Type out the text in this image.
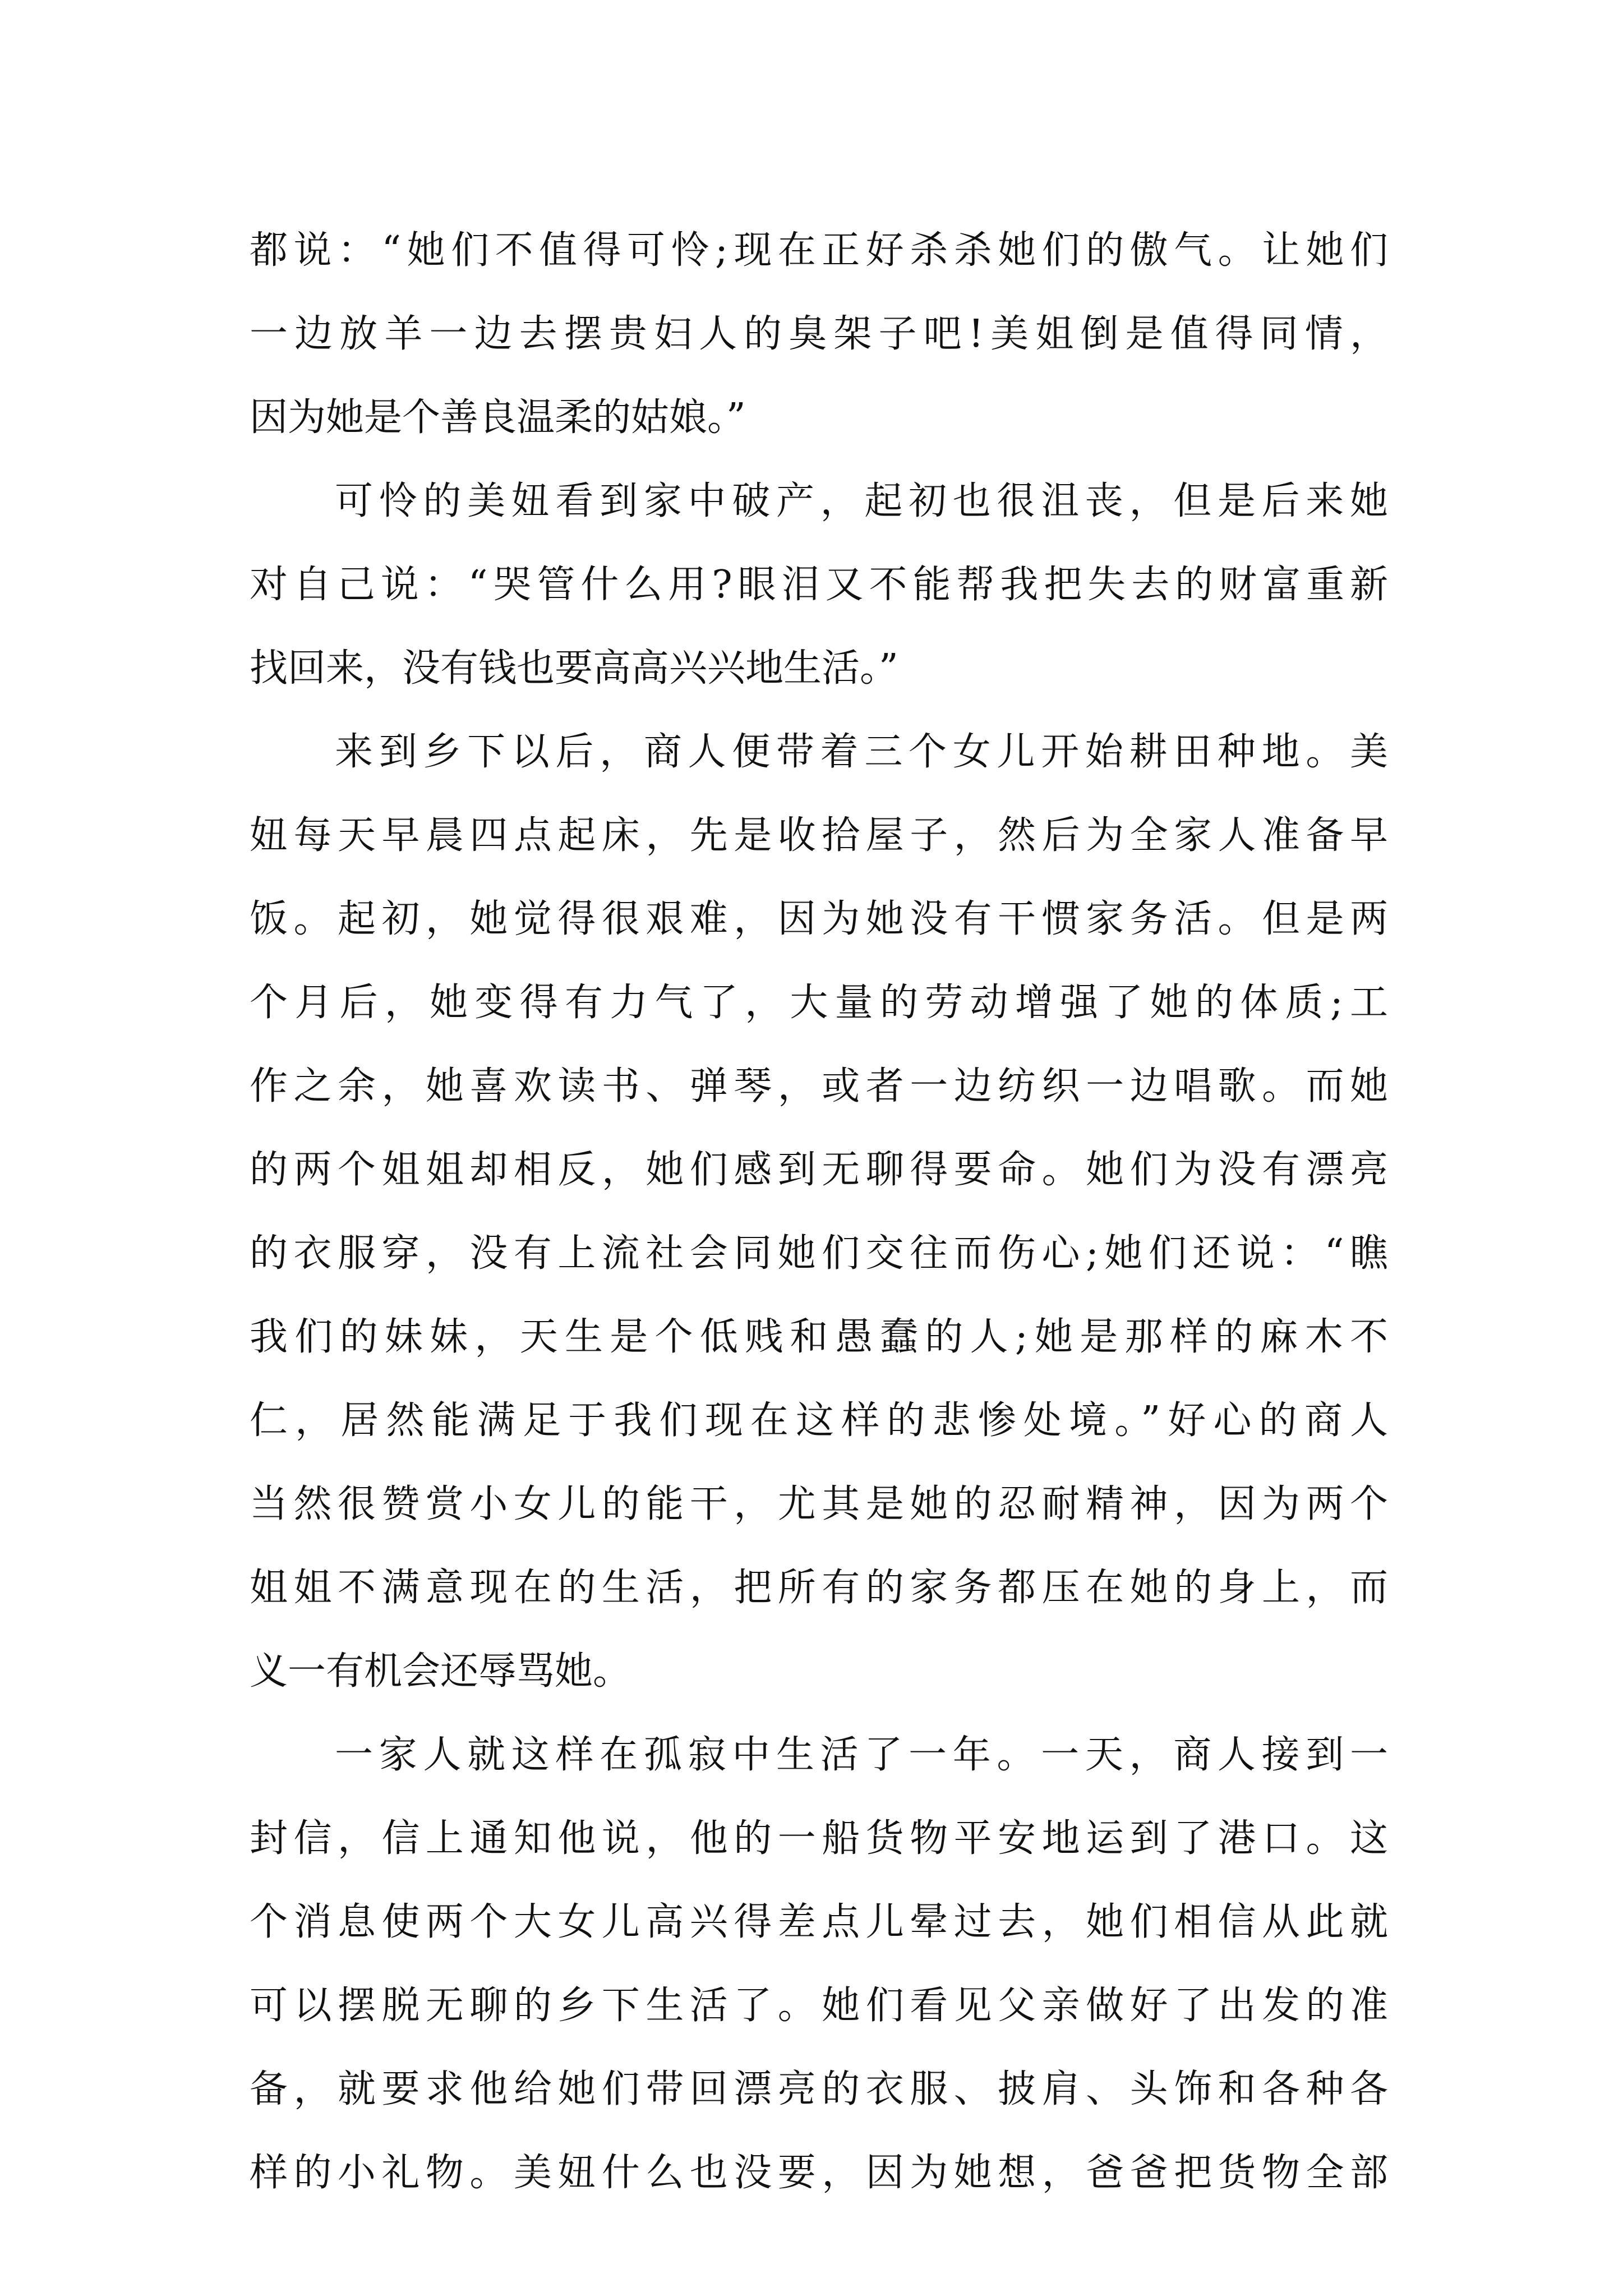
都说：“她们不值得可怜;现在正好杀杀她们的傲气。让她们
一边放羊一边去摆贵妇人的臭架子吧!美姐倒是值得同情，
因为她是个善良温柔的姑娘。”
可怜的美妞看到家中破产，起初也很沮丧，但是后来她
对自己说：“哭管什么用?眼泪又不能帮我把失去的财富重新
找回来，没有钱也要高高兴兴地生活。”
来到乡下以后，商人便带着三个女儿开始耕田种地。美
妞每天早晨四点起床，先是收拾屋子，然后为全家人准备早
饭。起初，她觉得很艰难，因为她没有干惯家务活。但是两
个月后，她变得有力气了，大量的劳动增强了她的体质;工
作之余，她喜欢读书、弹琴，或者一边纺织一边唱歌。而她
的两个姐姐却相反，她们感到无聊得要命。她们为没有漂亮
的衣服穿，没有上流社会同她们交往而伤心;她们还说：“瞧
我们的妹妹，天生是个低贱和愚蠢的人;她是那样的麻木不
仁，居然能满足于我们现在这样的悲惨处境。”好心的商人
当然很赞赏小女儿的能干，尤其是她的忍耐精神，因为两个
姐姐不满意现在的生活，把所有的家务都压在她的身上，而
义一有机会还辱骂她。
一家人就这样在孤寂中生活了一年。一天，商人接到一
封信，信上通知他说，他的一船货物平安地运到了港口。这
个消息使两个大女儿高兴得差点儿晕过去，她们相信从此就
可以摆脱无聊的乡下生活了。她们看见父亲做好了出发的准
备，就要求他给她们带回漂亮的衣服、披肩、头饰和各种各
样的小礼物。美妞什么也没要，因为她想，爸爸把货物全部
